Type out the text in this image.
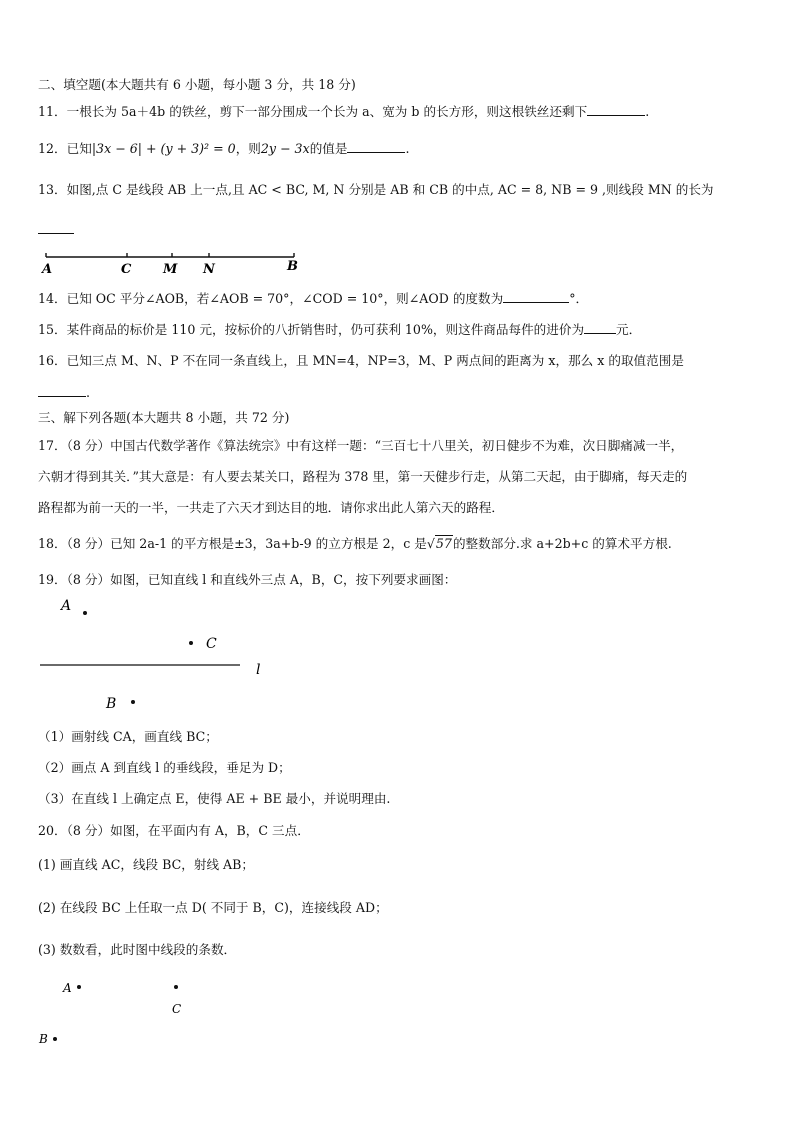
二、填空题(本大题共有 6 小题，每小题 3 分，共 18 分)
11．一根长为 5a＋4b 的铁丝，剪下一部分围成一个长为 a、宽为 b 的长方形，则这根铁丝还剩下	.
12．已知|3x − 6| + (y + 3)² = 0，则2y − 3x的值是	.
13．如图,点 C 是线段 AB 上一点,且 AC < BC, M, N 分别是 AB 和 CB 的中点, AC = 8, NB = 9 ,则线段 MN 的长为
A	C M N	B
14．已知 OC 平分∠AOB，若∠AOB = 70°，∠COD = 10°，则∠AOD 的度数为	°．
15．某件商品的标价是 110 元，按标价的八折销售时，仍可获利 10%，则这件商品每件的进价为	元．
16．已知三点 M、N、P 不在同一条直线上，且 MN=4，NP=3，M、P 两点间的距离为 x，那么 x 的取值范围是
.
三、解下列各题(本大题共 8 小题，共 72 分)
17．（8 分）中国古代数学著作《算法统宗》中有这样一题：“三百七十八里关，初日健步不为难，次日脚痛减一半，
六朝才得到其关．”其大意是：有人要去某关口，路程为 378 里，第一天健步行走，从第二天起，由于脚痛，每天走的
路程都为前一天的一半，一共走了六天才到达目的地．请你求出此人第六天的路程．
18．（8 分）已知 2a-1 的平方根是±3，3a+b-9 的立方根是 2，c 是√57的整数部分.求 a+2b+c 的算术平方根.
19．（8 分）如图，已知直线 l 和直线外三点 A，B，C，按下列要求画图：
A
C
l
B
（1）画射线 CA，画直线 BC；
（2）画点 A 到直线 l 的垂线段，垂足为 D；
（3）在直线 l 上确定点 E，使得 AE + BE 最小，并说明理由.
20．（8 分）如图，在平面内有 A，B，C 三点．
(1) 画直线 AC，线段 BC，射线 AB；
(2) 在线段 BC 上任取一点 D( 不同于 B，C)，连接线段 AD；
(3) 数数看，此时图中线段的条数．
A
C
B
